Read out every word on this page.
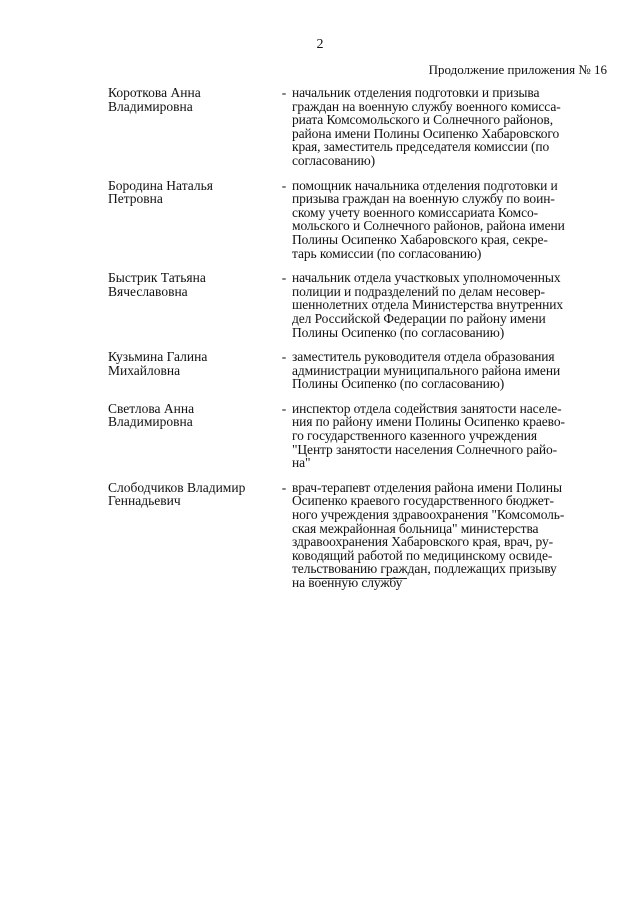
2
Продолжение приложения № 16
Короткова Анна
Владимировна
- начальник отделения подготовки и призыва
граждан на военную службу военного комисса-
риата Комсомольского и Солнечного районов,
района имени Полины Осипенко Хабаровского
края, заместитель председателя комиссии (по
согласованию)
Бородина Наталья
Петровна
- помощник начальника отделения подготовки и
призыва граждан на военную службу по воин-
скому учету военного комиссариата Комсо-
мольского и Солнечного районов, района имени
Полины Осипенко Хабаровского края, секре-
тарь комиссии (по согласованию)
Быстрик Татьяна
Вячеславовна
- начальник отдела участковых уполномоченных
полиции и подразделений по делам несовер-
шеннолетних отдела Министерства внутренних
дел Российской Федерации по району имени
Полины Осипенко (по согласованию)
Кузьмина Галина
Михайловна
- заместитель руководителя отдела образования
администрации муниципального района имени
Полины Осипенко (по согласованию)
Светлова Анна
Владимировна
- инспектор отдела содействия занятости населе-
ния по району имени Полины Осипенко краево-
го государственного казенного учреждения
"Центр занятости населения Солнечного райо-
на"
Слободчиков Владимир
Геннадьевич
- врач-терапевт отделения района имени Полины
Осипенко краевого государственного бюджет-
ного учреждения здравоохранения "Комсомоль-
ская межрайонная больница" министерства
здравоохранения Хабаровского края, врач, ру-
ководящий работой по медицинскому освиде-
тельствованию граждан, подлежащих призыву
на военную службу
